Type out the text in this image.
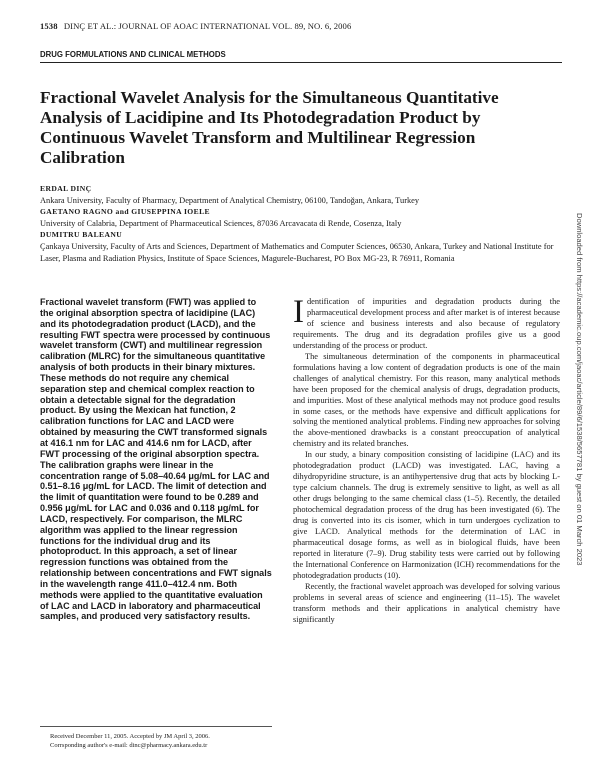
1538 DINÇ ET AL.: JOURNAL OF AOAC INTERNATIONAL VOL. 89, NO. 6, 2006
DRUG FORMULATIONS AND CLINICAL METHODS
Fractional Wavelet Analysis for the Simultaneous Quantitative Analysis of Lacidipine and Its Photodegradation Product by Continuous Wavelet Transform and Multilinear Regression Calibration
ERDAL DINÇ
Ankara University, Faculty of Pharmacy, Department of Analytical Chemistry, 06100, Tandoğan, Ankara, Turkey
GAETANO RAGNO and GIUSEPPINA IOELE
University of Calabria, Department of Pharmaceutical Sciences, 87036 Arcavacata di Rende, Cosenza, Italy
DUMITRU BALEANU
Çankaya University, Faculty of Arts and Sciences, Department of Mathematics and Computer Sciences, 06530, Ankara, Turkey and National Institute for Laser, Plasma and Radiation Physics, Institute of Space Sciences, Magurele-Bucharest, PO Box MG-23, R 76911, Romania

Fractional wavelet transform (FWT) was applied to the original absorption spectra of lacidipine (LAC) and its photodegradation product (LACD), and the resulting FWT spectra were processed by continuous wavelet transform (CWT) and multilinear regression calibration (MLRC) for the simultaneous quantitative analysis of both products in their binary mixtures. These methods do not require any chemical separation step and chemical complex reaction to obtain a detectable signal for the degradation product. By using the Mexican hat function, 2 calibration functions for LAC and LACD were obtained by measuring the CWT transformed signals at 416.1 nm for LAC and 414.6 nm for LACD, after FWT processing of the original absorption spectra. The calibration graphs were linear in the concentration range of 5.08–40.64 μg/mL for LAC and 0.51–8.16 μg/mL for LACD. The limit of detection and the limit of quantitation were found to be 0.289 and 0.956 μg/mL for LAC and 0.036 and 0.118 μg/mL for LACD, respectively. For comparison, the MLRC algorithm was applied to the linear regression functions for the individual drug and its photoproduct. In this approach, a set of linear regression functions was obtained from the relationship between concentrations and FWT signals in the wavelength range 411.0–412.4 nm. Both methods were applied to the quantitative evaluation of LAC and LACD in laboratory and pharmaceutical samples, and produced very satisfactory results.

Received December 11, 2005. Accepted by JM April 3, 2006.
Corrsponding author's e-mail: dinc@pharmacy.ankara.edu.tr

Identification of impurities and degradation products during the pharmaceutical development process and after market is of interest because of science and business interests and also because of regulatory requirements. The drug and its degradation profiles give us a good understanding of the process or product.

The simultaneous determination of the components in pharmaceutical formulations having a low content of degradation products is one of the main challenges of analytical chemistry. For this reason, many analytical methods have been proposed for the chemical analysis of drugs, degradation products, and impurities. Most of these analytical methods may not produce good results in some cases, or the methods have expensive and difficult applications for solving the mentioned analytical problems. Finding new approaches for solving the above-mentioned drawbacks is a constant preoccupation of analytical chemistry and its related branches.

In our study, a binary composition consisting of lacidipine (LAC) and its photodegradation product (LACD) was investigated. LAC, having a dihydropyridine structure, is an antihypertensive drug that acts by blocking L-type calcium channels. The drug is extremely sensitive to light, as well as all other drugs belonging to the same chemical class (1–5). Recently, the detailed photochemical degradation process of the drug has been investigated (6). The drug is converted into its cis isomer, which in turn undergoes cyclization to give LACD. Analytical methods for the determination of LAC in pharmaceutical dosage forms, as well as in biological fluids, have been reported in literature (7–9). Drug stability tests were carried out by following the International Conference on Harmonization (ICH) recommendations for the photodegradation products (10).

Recently, the fractional wavelet approach was developed for solving various problems in several areas of science and engineering (11–15). The wavelet transform methods and their applications in analytical chemistry have significantly

Downloaded from https://academic.oup.com/jaoac/article/89/6/1538/5657781 by guest on 01 March 2023
